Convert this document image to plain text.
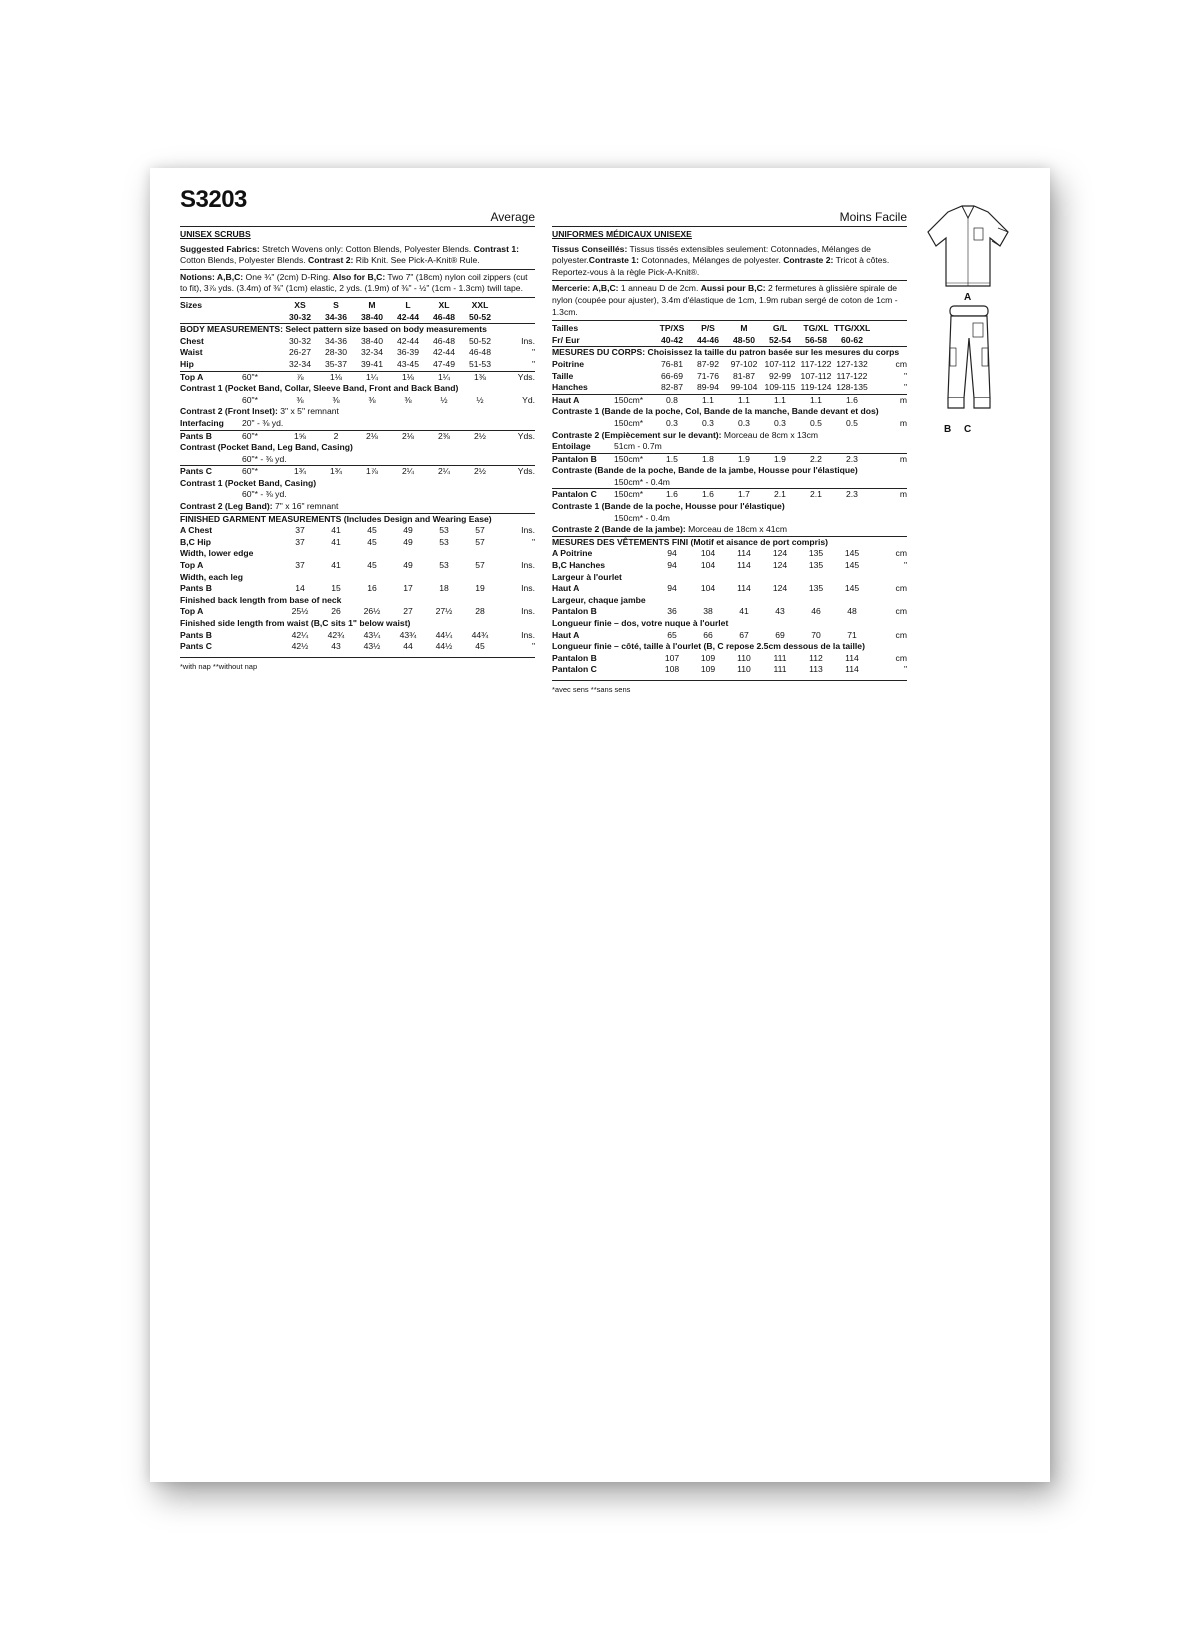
S3203
Average
UNISEX SCRUBS
Suggested Fabrics: Stretch Wovens only: Cotton Blends, Polyester Blends. Contrast 1: Cotton Blends, Polyester Blends. Contrast 2: Rib Knit. See Pick-A-Knit® Rule.
Notions: A,B,C: One ¾" (2cm) D-Ring. Also for B,C: Two 7" (18cm) nylon coil zippers (cut to fit), 3⅞ yds. (3.4m) of ⅜" (1cm) elastic, 2 yds. (1.9m) of ⅜" - ½" (1cm - 1.3cm) twill tape.
Sizes		XS	S	M	L	XL	XXL	
		30-32	34-36	38-40	42-44	46-48	50-52	
BODY MEASUREMENTS: Select pattern size based on body measurements								
Chest		30-32	34-36	38-40	42-44	46-48	50-52	Ins.
Waist		26-27	28-30	32-34	36-39	42-44	46-48	"
Hip		32-34	35-37	39-41	43-45	47-49	51-53	"
Top A	60"*	⅞	1⅛	1¼	1⅛	1¼	1⅜	Yds.
Contrast 1 (Pocket Band, Collar, Sleeve Band, Front and Back Band)								
	60"*	⅜	⅜	⅜	⅜	½	½	Yd.
Contrast 2 (Front Inset): 3" x 5" remnant								
Interfacing	20" - ⅜ yd.							
Pants B	60"*	1⅝	2	2⅛	2⅛	2⅜	2½	Yds.
Contrast (Pocket Band, Leg Band, Casing)								
	60"* - ⅜ yd.							
Pants C	60"*	1¾	1¾	1⅞	2¼	2¼	2½	Yds.
Contrast 1 (Pocket Band, Casing)								
	60"* - ⅜ yd.							
Contrast 2 (Leg Band): 7" x 16" remnant								
FINISHED GARMENT MEASUREMENTS (Includes Design and Wearing Ease)								
A Chest		37	41	45	49	53	57	Ins.
B,C Hip		37	41	45	49	53	57	"
Width, lower edge								
Top A		37	41	45	49	53	57	Ins.
Width, each leg								
Pants B		14	15	16	17	18	19	Ins.
Finished back length from base of neck								
Top A		25½	26	26½	27	27½	28	Ins.
Finished side length from waist (B,C sits 1" below waist)								
Pants B		42¼	42¾	43¼	43¾	44¼	44¾	Ins.
Pants C		42½	43	43½	44	44½	45	"
*with nap **without nap
Moins Facile
UNIFORMES MÉDICAUX UNISEXE
Tissus Conseillés: Tissus tissés extensibles seulement: Cotonnades, Mélanges de polyester.Contraste 1: Cotonnades, Mélanges de polyester. Contraste 2: Tricot à côtes. Reportez-vous à la règle Pick-A-Knit®.
Mercerie: A,B,C: 1 anneau D de 2cm. Aussi pour B,C: 2 fermetures à glissière spirale de nylon (coupée pour ajuster), 3.4m d'élastique de 1cm, 1.9m ruban sergé de coton de 1cm - 1.3cm.
Tailles		TP/XS	P/S	M	G/L	TG/XL	TTG/XXL	
Fr/ Eur		40-42	44-46	48-50	52-54	56-58	60-62	
MESURES DU CORPS: Choisissez la taille du patron basée sur les mesures du corps								
Poitrine		76-81	87-92	97-102	107-112	117-122	127-132	cm
Taille		66-69	71-76	81-87	92-99	107-112	117-122	"
Hanches		82-87	89-94	99-104	109-115	119-124	128-135	"
Haut A	150cm*	0.8	1.1	1.1	1.1	1.1	1.6	m
Contraste 1 (Bande de la poche, Col, Bande de la manche, Bande devant et dos)								
	150cm*	0.3	0.3	0.3	0.3	0.5	0.5	m
Contraste 2 (Empiècement sur le devant): Morceau de 8cm x 13cm								
Entoilage	51cm - 0.7m							
Pantalon B	150cm*	1.5	1.8	1.9	1.9	2.2	2.3	m
Contraste (Bande de la poche, Bande de la jambe, Housse pour l'élastique)								
	150cm* - 0.4m							
Pantalon C	150cm*	1.6	1.6	1.7	2.1	2.1	2.3	m
Contraste 1 (Bande de la poche, Housse pour l'élastique)								
	150cm* - 0.4m							
Contraste 2 (Bande de la jambe): Morceau de 18cm x 41cm								
MESURES DES VÊTEMENTS FINI (Motif et aisance de port compris)								
A Poitrine		94	104	114	124	135	145	cm
B,C Hanches		94	104	114	124	135	145	"
Largeur à l'ourlet								
Haut A		94	104	114	124	135	145	cm
Largeur, chaque jambe								
Pantalon B		36	38	41	43	46	48	cm
Longueur finie – dos, votre nuque à l'ourlet								
Haut A		65	66	67	69	70	71	cm
Longueur finie – côté, taille à l'ourlet (B, C repose 2.5cm dessous de la taille)								
Pantalon B		107	109	110	111	112	114	cm
Pantalon C		108	109	110	111	113	114	"
*avec sens **sans sens
A
B C
